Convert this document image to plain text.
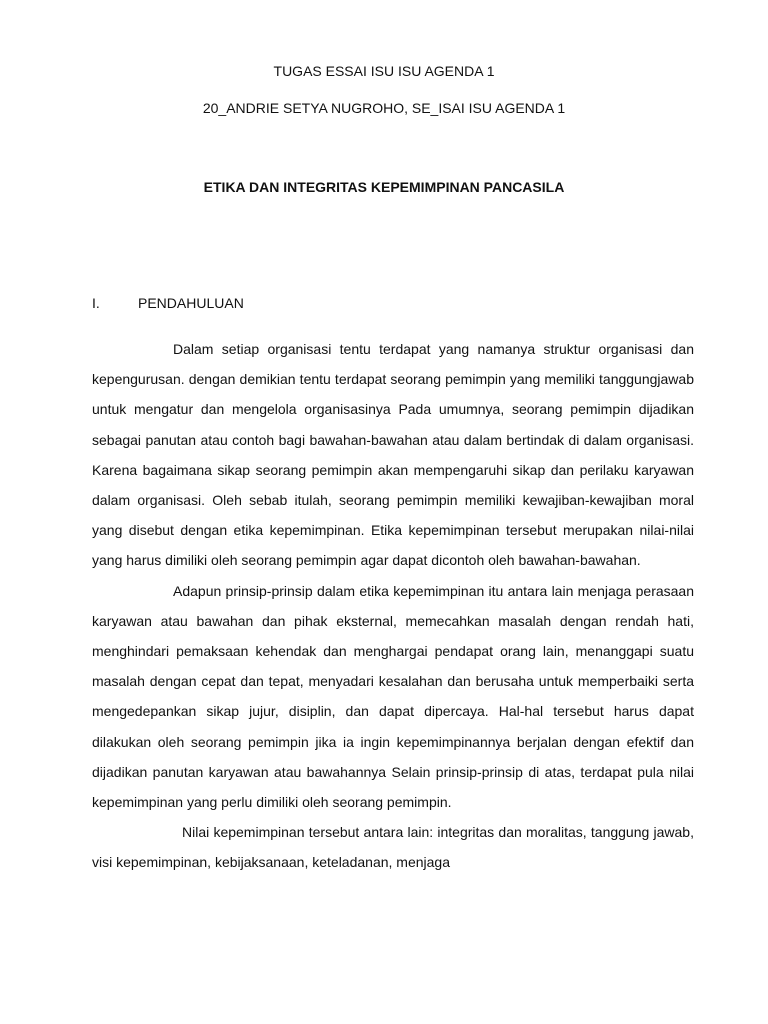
TUGAS ESSAI ISU ISU AGENDA 1
20_ANDRIE SETYA NUGROHO, SE_ISAI ISU AGENDA 1
ETIKA DAN INTEGRITAS KEPEMIMPINAN PANCASILA
I.	PENDAHULUAN

Dalam setiap organisasi tentu terdapat yang namanya struktur organisasi dan kepengurusan. dengan demikian tentu terdapat seorang pemimpin yang memiliki tanggungjawab untuk mengatur dan mengelola organisasinya Pada umumnya, seorang pemimpin dijadikan sebagai panutan atau contoh bagi bawahan-bawahan atau dalam bertindak di dalam organisasi. Karena bagaimana sikap seorang pemimpin akan mempengaruhi sikap dan perilaku karyawan dalam organisasi. Oleh sebab itulah, seorang pemimpin memiliki kewajiban-kewajiban moral yang disebut dengan etika kepemimpinan. Etika kepemimpinan tersebut merupakan nilai-nilai yang harus dimiliki oleh seorang pemimpin agar dapat dicontoh oleh bawahan-bawahan.

Adapun prinsip-prinsip dalam etika kepemimpinan itu antara lain menjaga perasaan karyawan atau bawahan dan pihak eksternal, memecahkan masalah dengan rendah hati, menghindari pemaksaan kehendak dan menghargai pendapat orang lain, menanggapi suatu masalah dengan cepat dan tepat, menyadari kesalahan dan berusaha untuk memperbaiki serta mengedepankan sikap jujur, disiplin, dan dapat dipercaya. Hal-hal tersebut harus dapat dilakukan oleh seorang pemimpin jika ia ingin kepemimpinannya berjalan dengan efektif dan dijadikan panutan karyawan atau bawahannya Selain prinsip-prinsip di atas, terdapat pula nilai kepemimpinan yang perlu dimiliki oleh seorang pemimpin.

Nilai kepemimpinan tersebut antara lain: integritas dan moralitas, tanggung jawab, visi kepemimpinan, kebijaksanaan, keteladanan, menjaga
